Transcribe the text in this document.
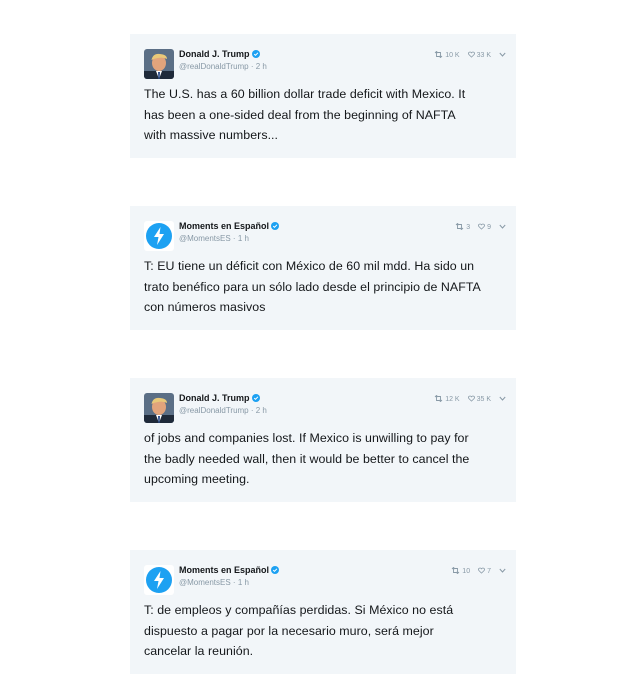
Donald J. Trump
@realDonaldTrump · 2 h
10 K 33 K
The U.S. has a 60 billion dollar trade deficit with Mexico. It
has been a one-sided deal from the beginning of NAFTA
with massive numbers...
Moments en Español
@MomentsES · 1 h
3 9
T: EU tiene un déficit con México de 60 mil mdd. Ha sido un
trato benéfico para un sólo lado desde el principio de NAFTA
con números masivos
Donald J. Trump
@realDonaldTrump · 2 h
12 K 35 K
of jobs and companies lost. If Mexico is unwilling to pay for
the badly needed wall, then it would be better to cancel the
upcoming meeting.
Moments en Español
@MomentsES · 1 h
10 7
T: de empleos y compañías perdidas. Si México no está
dispuesto a pagar por la necesario muro, será mejor
cancelar la reunión.
